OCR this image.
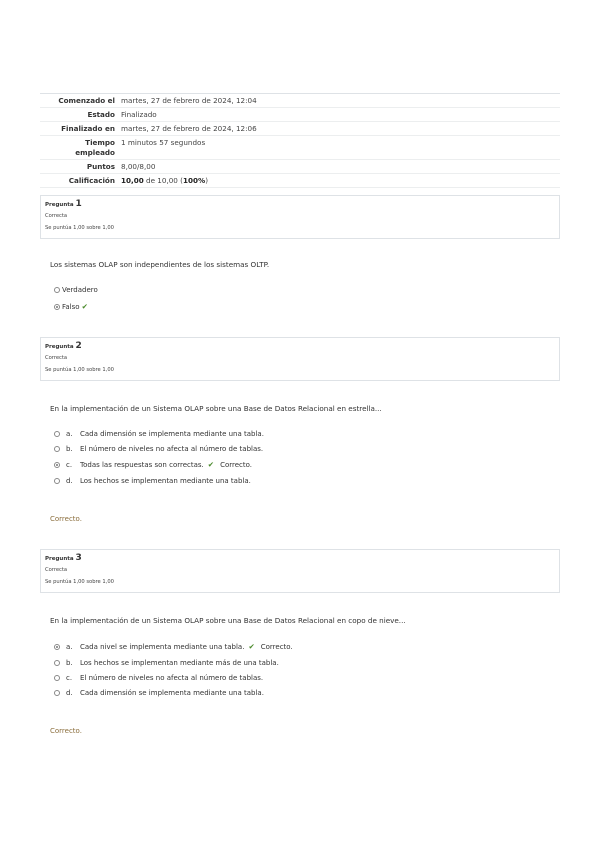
Comenzado el martes, 27 de febrero de 2024, 12:04
Estado Finalizado
Finalizado en martes, 27 de febrero de 2024, 12:06
Tiempo
empleado
1 minutos 57 segundos
Puntos 8,00/8,00
Calificación 10,00 de 10,00 (100%)
Pregunta 1
Correcta
Se puntúa 1,00 sobre 1,00
Los sistemas OLAP son independientes de los sistemas OLTP.
Verdadero
Falso ✔
Pregunta 2
Correcta
Se puntúa 1,00 sobre 1,00
En la implementación de un Sistema OLAP sobre una Base de Datos Relacional en estrella...
a.	Cada dimensión se implementa mediante una tabla.
b.	El número de niveles no afecta al número de tablas.
c.	Todas las respuestas son correctas. ✔ Correcto.
d.	Los hechos se implementan mediante una tabla.
Correcto.
Pregunta 3
Correcta
Se puntúa 1,00 sobre 1,00
En la implementación de un Sistema OLAP sobre una Base de Datos Relacional en copo de nieve...
a.	Cada nivel se implementa mediante una tabla. ✔ Correcto.
b.	Los hechos se implementan mediante más de una tabla.
c.	El número de niveles no afecta al número de tablas.
d.	Cada dimensión se implementa mediante una tabla.
Correcto.
